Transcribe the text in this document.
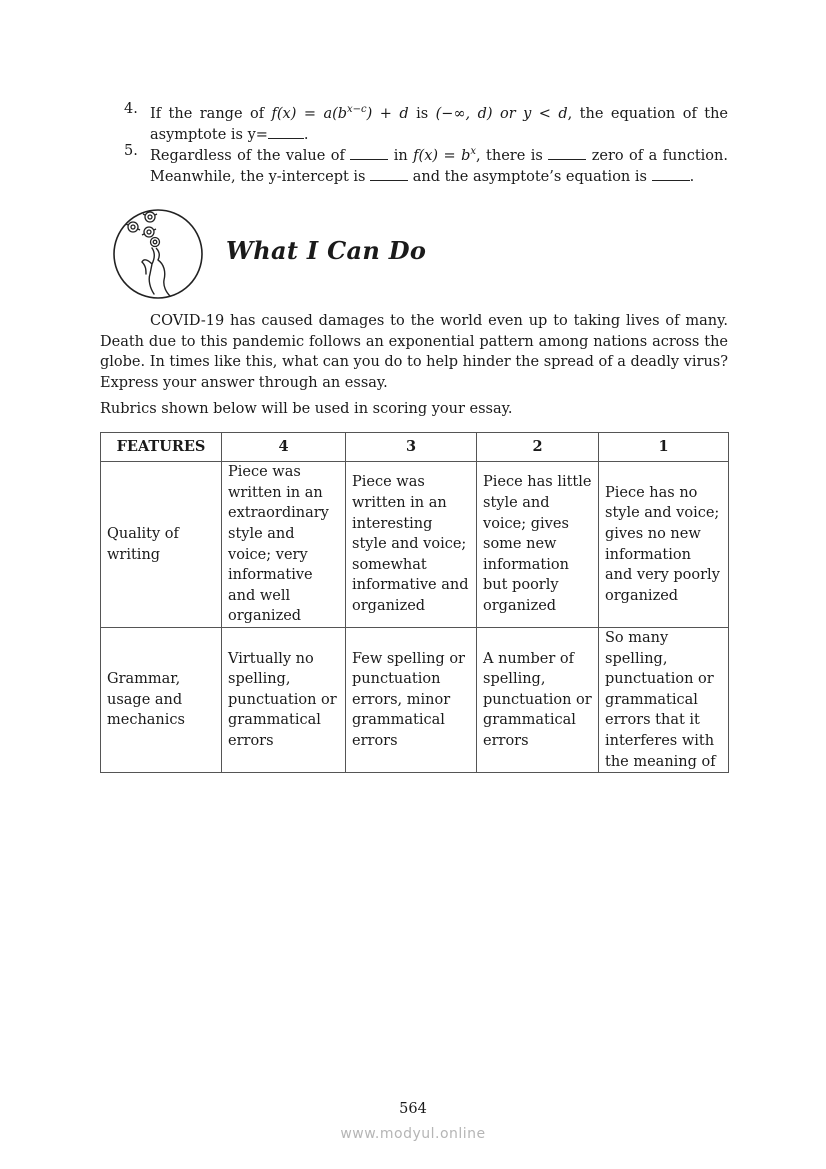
4. If the range of $f(x) = a(b^{x-c}) + d$ is (−∞, d) or y < d, the equation of the asymptote is y= .
5. Regardless of the value of	in $f(x) = b^x$, there is	zero of a function. Meanwhile, the y-intercept is	and the asymptote’s equation is	.
What I Can Do
COVID-19 has caused damages to the world even up to taking lives of many. Death due to this pandemic follows an exponential pattern among nations across the globe. In times like this, what can you do to help hinder the spread of a deadly virus? Express your answer through an essay.
Rubrics shown below will be used in scoring your essay.
FEATURES	4	3	2	1
Quality of writing	Piece was written in an extraordinary style and voice; very informative and well organized	Piece was written in an interesting style and voice; somewhat informative and organized	Piece has little style and voice; gives some new information but poorly organized	Piece has no style and voice; gives no new information and very poorly organized
Grammar, usage and mechanics	Virtually no spelling, punctuation or grammatical errors	Few spelling or punctuation errors, minor grammatical errors	A number of spelling, punctuation or grammatical errors	So many spelling, punctuation or grammatical errors that it interferes with the meaning of
564
www.modyul.online
